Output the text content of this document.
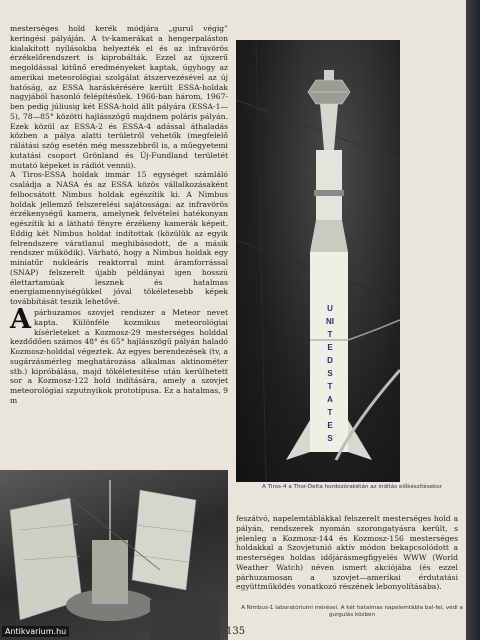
mesterséges hold kerék módjára „gurul végig” keringési pályáján. A tv-kamerákat a hengerpaláston kialakított nyílásokba helyezték el és az infravörös érzékelőrendszert is kiprobálták. Ezzel az újszerű megoldással kitűnő eredményeket kaptak, úgyhogy az amerikai meteorológiai szolgálat átszervezésével az új hatóság, az ESSA haráskérésére került ESSA-holdak nagyjából hasonló felépítésűek. 1966-ban három, 1967-ben pedig júliusig két ESSA-hold állt pályára (ESSA-1—5), 78—85° közötti hajlásszögű majdnem poláris pályán. Ezek közül az ESSA-2 és ESSA-4 adással áthaladás közben a pálya alatti területről vehetők (megfelelő rálátási szög esetén még messzebbről is, a műegyetemi kutatási csoport Grönland és Új-Fundland területét mutató képeket is rádiót vennii).
A Tiros-ESSA holdak immár 15 egységet számláló családja a NASA és az ESSA közös vállalkozásaként felbocsátott Nimbus holdak egészítik ki. A Nimbus holdak jellemző felszerelési sajátossága: az infravörös érzékenységű kamera, amelynek felvételei hatékonyan egészítik ki a látható fényre érzékeny kamerák képeit. Eddig két Nimbus holdat indítottak (közülük az egyik felrendszere váratlanul meghibásodott, de a másik rendszer működik). Várható, hogy a Nimbus holdak egy miniatűr nukleáris reaktorral mint áramforrással (SNAP) felszerelt újabb példányai igen hosszú élettartamúak lesznek és hatalmas energiamennyiségükkel jóval tökéletesebb képek továbbítását teszik lehetővé.

A párhuzamos szovjet rendszer a Meteor nevet kapta. Különféle kozmikus meteorológiai kísérleteket a Kozmosz-29 mesterséges holddal kezdődően számos 48° és 65° hajlásszögű pályán haladó Kozmosz-holddal végeztek. Az egyes berendezések (tv, a sugárzásmérleg meghatározása alkalmas aktinométer stb.) kipróbálása, majd tökéletesítése után kerülhetett sor a Kozmosz-122 hold indítására, amely a szovjet meteorológiai szputnyikok prototípusa. Ez a hatalmas, 9 m

UNITED STATES

A Tiros-4 a Thor-Delta hordozórakétán az indítás előkészítésekor

feszátvó, napelemtáblákkal felszerelt mesterséges hold a pályán, rendszerek nyomán szorongatyásra került, s jelenleg a Kozmosz-144 és Kozmosz-156 mesterséges holdakkal a Szovjetunió aktív módon bekapcsolódott a mesterséges holdas időjárásmegfigyelés WWW (World Weather Watch) néven ismert akciójába (és ezzel párhuzamosan a szovjet—amerikai érdutatási együttműködés vonatkozó részének lebonyolításába).

A Nimbus-1 laboratóriumi mérései. A két hatalmas napelemtábla bal-fel, védi a gurgulás közben

135
Antikvarium.hu
